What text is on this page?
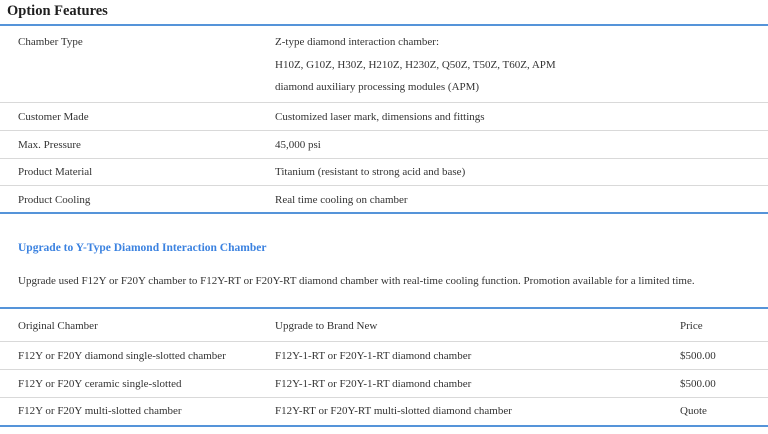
Option Features
Chamber Type	Z-type diamond interaction chamber:
H10Z, G10Z, H30Z, H210Z, H230Z, Q50Z, T50Z, T60Z, APM
diamond auxiliary processing modules (APM)
Customer Made	Customized laser mark, dimensions and fittings
Max. Pressure	45,000 psi
Product Material	Titanium (resistant to strong acid and base)
Product Cooling	Real time cooling on chamber
Upgrade to Y-Type Diamond Interaction Chamber
Upgrade used F12Y or F20Y chamber to F12Y-RT or F20Y-RT diamond chamber with real-time cooling function. Promotion available for a limited time.
Original Chamber	Upgrade to Brand New	Price
F12Y or F20Y diamond single-slotted chamber	F12Y-1-RT or F20Y-1-RT diamond chamber	$500.00
F12Y or F20Y ceramic single-slotted	F12Y-1-RT or F20Y-1-RT diamond chamber	$500.00
F12Y or F20Y multi-slotted chamber	F12Y-RT or F20Y-RT multi-slotted diamond chamber	Quote
